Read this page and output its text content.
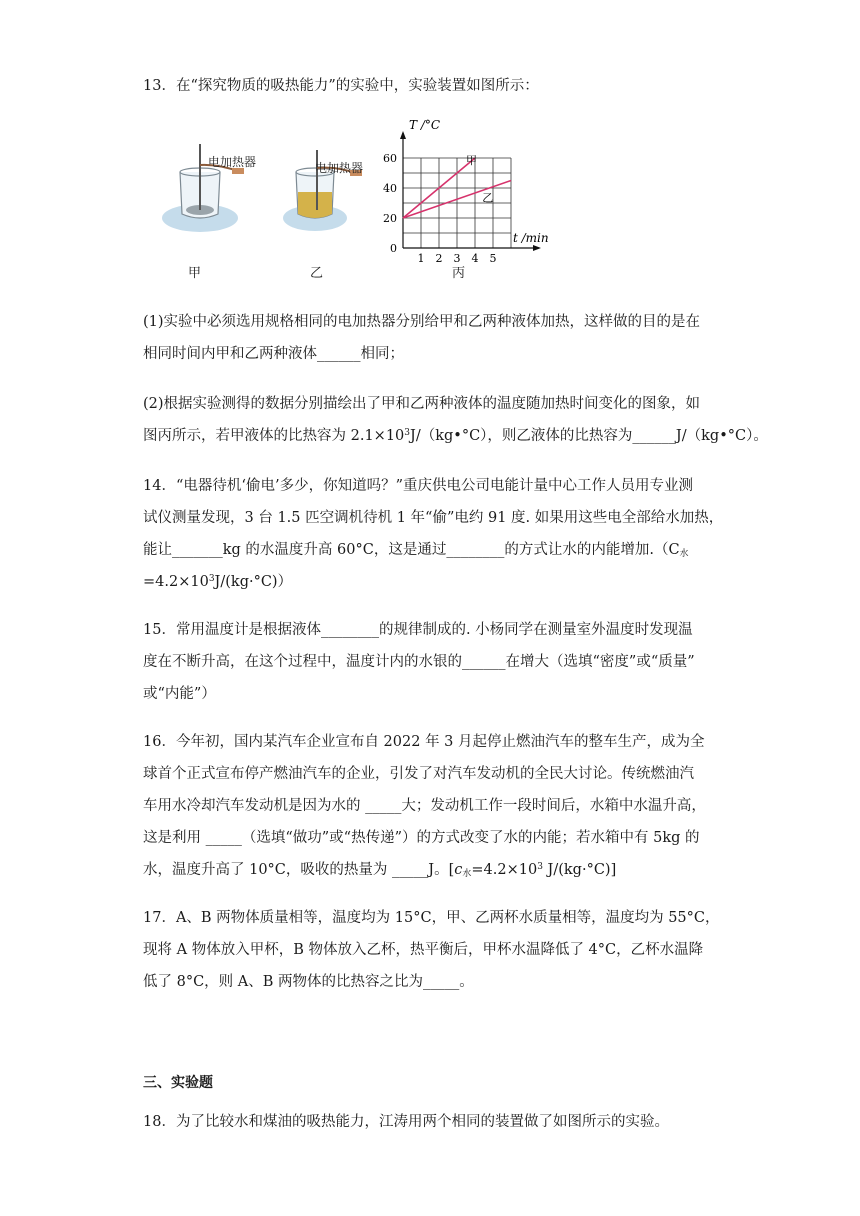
13．在“探究物质的吸热能力”的实验中，实验装置如图所示：
电加热器	电加热器
0
20
40
60
1 2 3 4 5
T /°C
t /min
甲
乙
甲	乙	丙
(1)实验中必须选用规格相同的电加热器分别给甲和乙两种液体加热，这样做的目的是在
相同时间内甲和乙两种液体______相同；
(2)根据实验测得的数据分别描绘出了甲和乙两种液体的温度随加热时间变化的图象，如
图丙所示，若甲液体的比热容为 $2.1\times 10^3J/(kg•^\circ C)$，则乙液体的比热容为______J/（kg•°C）。
14．“电器待机‘偷电’多少，你知道吗？”重庆供电公司电能计量中心工作人员用专业测
试仪测量发现，3 台 1.5 匹空调机待机 1 年“偷”电约 91 度. 如果用这些电全部给水加热，
能让_______kg 的水温度升高 60°C，这是通过________的方式让水的内能增加$.(C_水$
$=4.2\times 10^3J/(kg\cdot^\circ C)$）
15．常用温度计是根据液体________的规律制成的. 小杨同学在测量室外温度时发现温
度在不断升高，在这个过程中，温度计内的水银的______在增大（选填“密度”或“质量”
或“内能”）
16．今年初，国内某汽车企业宣布自 2022 年 3 月起停止燃油汽车的整车生产，成为全
球首个正式宣布停产燃油汽车的企业，引发了对汽车发动机的全民大讨论。传统燃油汽
车用水冷却汽车发动机是因为水的 _____大；发动机工作一段时间后，水箱中水温升高，
这是利用 _____（选填“做功”或“热传递”）的方式改变了水的内能；若水箱中有 5kg 的
水，温度升高了 10°C，吸收的热量为 _____J。[$c_水=4.2\times 10^3$ J/(kg·°C)]
17．A、B 两物体质量相等，温度均为 15°C，甲、乙两杯水质量相等，温度均为 55°C，
现将 A 物体放入甲杯，B 物体放入乙杯，热平衡后，甲杯水温降低了 4°C，乙杯水温降
低了 8°C，则 A、B 两物体的比热容之比为_____。
三、实验题
18．为了比较水和煤油的吸热能力，江涛用两个相同的装置做了如图所示的实验。
